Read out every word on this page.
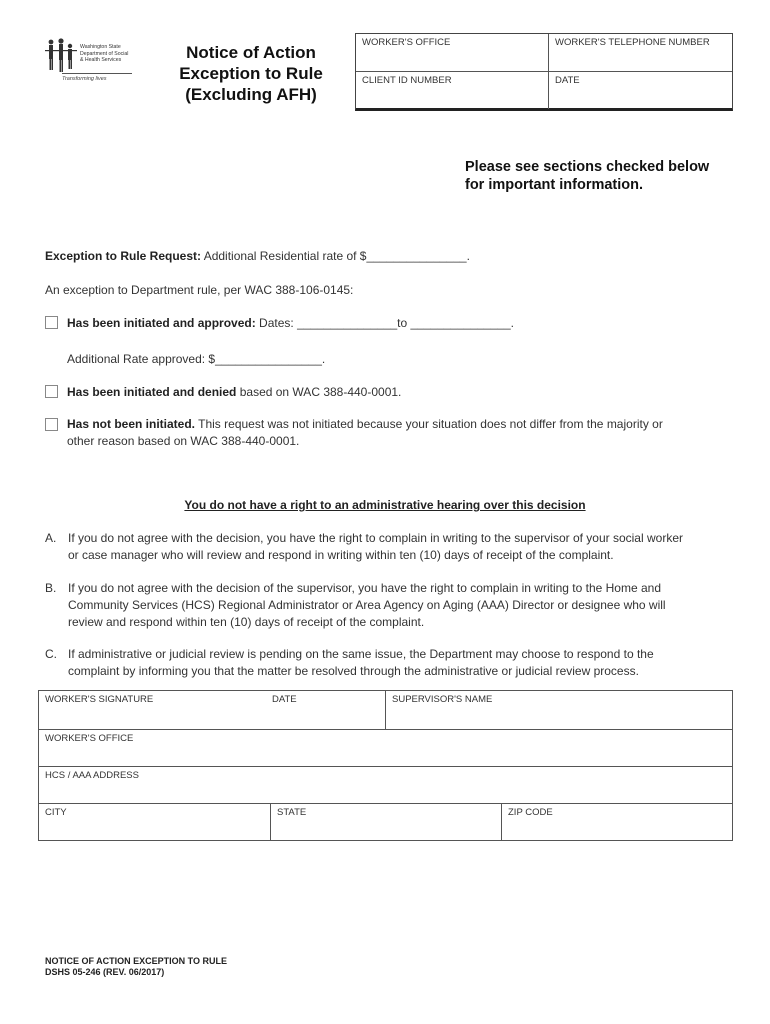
Washington State
Department of Social
& Health Services
Transforming lives
Notice of Action
Exception to Rule
(Excluding AFH)
WORKER'S OFFICE	WORKER'S TELEPHONE NUMBER
CLIENT ID NUMBER	DATE
Please see sections checked below
for important information.
Exception to Rule Request: Additional Residential rate of $_______________.
An exception to Department rule, per WAC 388-106-0145:
Has been initiated and approved: Dates: _______________to _______________.
Additional Rate approved: $________________.
Has been initiated and denied based on WAC 388-440-0001.
Has not been initiated. This request was not initiated because your situation does not differ from the majority or
other reason based on WAC 388-440-0001.
You do not have a right to an administrative hearing over this decision
A. If you do not agree with the decision, you have the right to complain in writing to the supervisor of your social worker
or case manager who will review and respond in writing within ten (10) days of receipt of the complaint.
B. If you do not agree with the decision of the supervisor, you have the right to complain in writing to the Home and
Community Services (HCS) Regional Administrator or Area Agency on Aging (AAA) Director or designee who will
review and respond within ten (10) days of receipt of the complaint.
C. If administrative or judicial review is pending on the same issue, the Department may choose to respond to the
complaint by informing you that the matter be resolved through the administrative or judicial review process.
WORKER'S SIGNATURE	DATE	SUPERVISOR'S NAME
WORKER'S OFFICE
HCS / AAA ADDRESS
CITY	STATE	ZIP CODE
NOTICE OF ACTION EXCEPTION TO RULE
DSHS 05-246 (REV. 06/2017)
